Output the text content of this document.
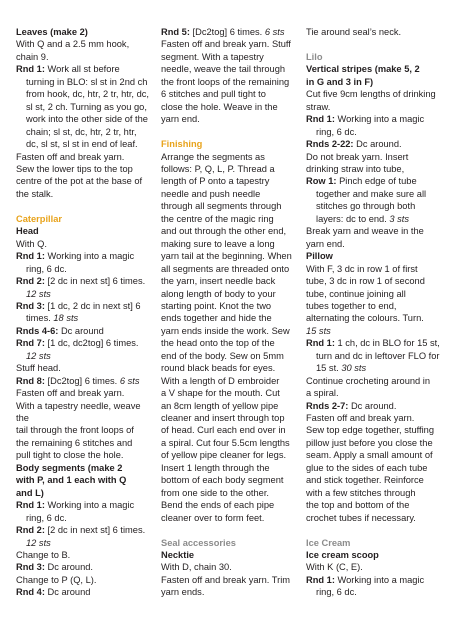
Leaves (make 2)
With Q and a 2.5 mm hook,
chain 9.

Rnd 1: Work all st before turning in BLO: sl st in 2nd ch from hook, dc, htr, 2 tr, htr, dc, sl st, 2 ch. Turning as you go, work into the other side of the chain; sl st, dc, htr, 2 tr, htr, dc, sl st, sl st in end of leaf.

Fasten off and break yarn.
Sew the lower tips to the top
centre of the pot at the base of
the stalk.
Caterpillar
Head
With Q.

Rnd 1: Working into a magic ring, 6 dc.

Rnd 2: [2 dc in next st] 6 times. 12 sts

Rnd 3: [1 dc, 2 dc in next st] 6 times. 18 sts

Rnds 4-6: Dc around

Rnd 7: [1 dc, dc2tog] 6 times. 12 sts

Stuff head.

Rnd 8: [Dc2tog] 6 times. 6 sts

Fasten off and break yarn.
With a tapestry needle, weave the
tail through the front loops of
the remaining 6 stitches and
pull tight to close the hole.
Body segments (make 2
with P, and 1 each with Q
and L)

Rnd 1: Working into a magic ring, 6 dc.

Rnd 2: [2 dc in next st] 6 times. 12 sts

Change to B.

Rnd 3: Dc around.

Change to P (Q, L).

Rnd 4: Dc around

Rnd 5: [Dc2tog] 6 times. 6 sts

Fasten off and break yarn. Stuff
segment. With a tapestry
needle, weave the tail through
the front loops of the remaining
6 stitches and pull tight to
close the hole. Weave in the
yarn end.
Finishing
Arrange the segments as
follows: P, Q, L, P. Thread a
length of P onto a tapestry
needle and push needle
through all segments through
the centre of the magic ring
and out through the other end,
making sure to leave a long
yarn tail at the beginning. When
all segments are threaded onto
the yarn, insert needle back
along length of body to your
starting point. Knot the two
ends together and hide the
yarn ends inside the work. Sew
the head onto the top of the
end of the body. Sew on 5mm
round black beads for eyes.
With a length of D embroider
a V shape for the mouth. Cut
an 8cm length of yellow pipe
cleaner and insert through top
of head. Curl each end over in
a spiral. Cut four 5.5cm lengths
of yellow pipe cleaner for legs.
Insert 1 length through the
bottom of each body segment
from one side to the other.
Bend the ends of each pipe
cleaner over to form feet.
Seal accessories
Necktie
With D, chain 30.
Fasten off and break yarn. Trim
yarn ends.
Tie around seal’s neck.
Lilo
Vertical stripes (make 5, 2
in G and 3 in F)
Cut five 9cm lengths of drinking
straw.

Rnd 1: Working into a magic ring, 6 dc.

Rnds 2-22: Dc around.

Do not break yarn. Insert
drinking straw into tube,

Row 1: Pinch edge of tube together and make sure all stitches go through both layers: dc to end. 3 sts

Break yarn and weave in the
yarn end.
Pillow

With F, 3 dc in row 1 of first
tube, 3 dc in row 1 of second
tube, continue joining all
tubes together to end,
alternating the colours. Turn.
15 sts

Rnd 1: 1 ch, dc in BLO for 15 st, turn and dc in leftover FLO for 15 st. 30 sts

Continue crocheting around in
a spiral.

Rnds 2-7: Dc around.

Fasten off and break yarn.
Sew top edge together, stuffing
pillow just before you close the
seam. Apply a small amount of
glue to the sides of each tube
and stick together. Reinforce
with a few stitches through
the top and bottom of the
crochet tubes if necessary.
Ice Cream
Ice cream scoop
With K (C, E).

Rnd 1: Working into a magic ring, 6 dc.
